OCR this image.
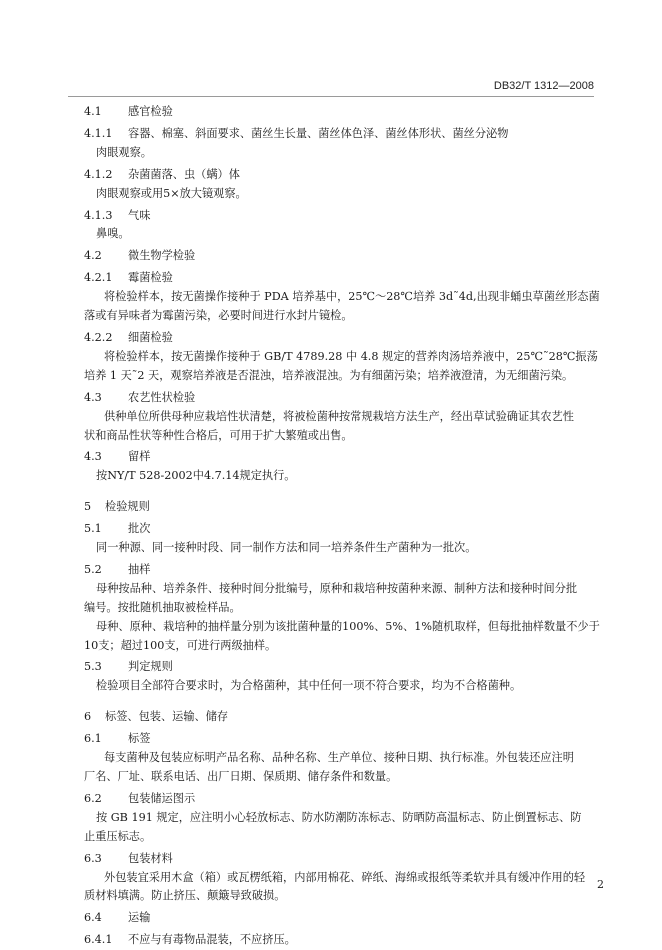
DB32/T 1312—2008
4.1 感官检验
4.1.1 容器、棉塞、斜面要求、菌丝生长量、菌丝体色泽、菌丝体形状、菌丝分泌物
肉眼观察。
4.1.2 杂菌菌落、虫（螨）体
肉眼观察或用5×放大镜观察。
4.1.3 气味
鼻嗅。
4.2 微生物学检验
4.2.1 霉菌检验
将检验样本，按无菌操作接种于 PDA 培养基中，25℃～28℃培养 3d˜4d,出现非蛹虫草菌丝形态菌
落或有异味者为霉菌污染，必要时间进行水封片镜检。
4.2.2 细菌检验
将检验样本，按无菌操作接种于 GB/T 4789.28 中 4.8 规定的营养肉汤培养液中，25℃˜28℃振荡
培养 1 天˜2 天，观察培养液是否混浊，培养液混浊。为有细菌污染；培养液澄清，为无细菌污染。
4.3 农艺性状检验
供种单位所供母种应栽培性状清楚，将被检菌种按常规栽培方法生产，经出草试验确证其农艺性
状和商品性状等种性合格后，可用于扩大繁殖或出售。
4.3 留样
按NY/T 528-2002中4.7.14规定执行。
5 检验规则
5.1 批次
同一种源、同一接种时段、同一制作方法和同一培养条件生产菌种为一批次。
5.2 抽样
母种按品种、培养条件、接种时间分批编号，原种和栽培种按菌种来源、制种方法和接种时间分批
编号。按批随机抽取被检样品。
母种、原种、栽培种的抽样量分别为该批菌种量的100%、5%、1%随机取样，但每批抽样数量不少于
10支；超过100支，可进行两级抽样。
5.3 判定规则
检验项目全部符合要求时，为合格菌种，其中任何一项不符合要求，均为不合格菌种。
6 标签、包装、运输、储存
6.1 标签
每支菌种及包装应标明产品名称、品种名称、生产单位、接种日期、执行标准。外包装还应注明
厂名、厂址、联系电话、出厂日期、保质期、储存条件和数量。
6.2 包装储运图示
按 GB 191 规定，应注明小心轻放标志、防水防潮防冻标志、防晒防高温标志、防止倒置标志、防
止重压标志。
6.3 包装材料
外包装宜采用木盒（箱）或瓦楞纸箱，内部用棉花、碎纸、海绵或报纸等柔软并具有缓冲作用的轻
质材料填满。防止挤压、颠簸导致破损。
6.4 运输
6.4.1 不应与有毒物品混装，不应挤压。
2
